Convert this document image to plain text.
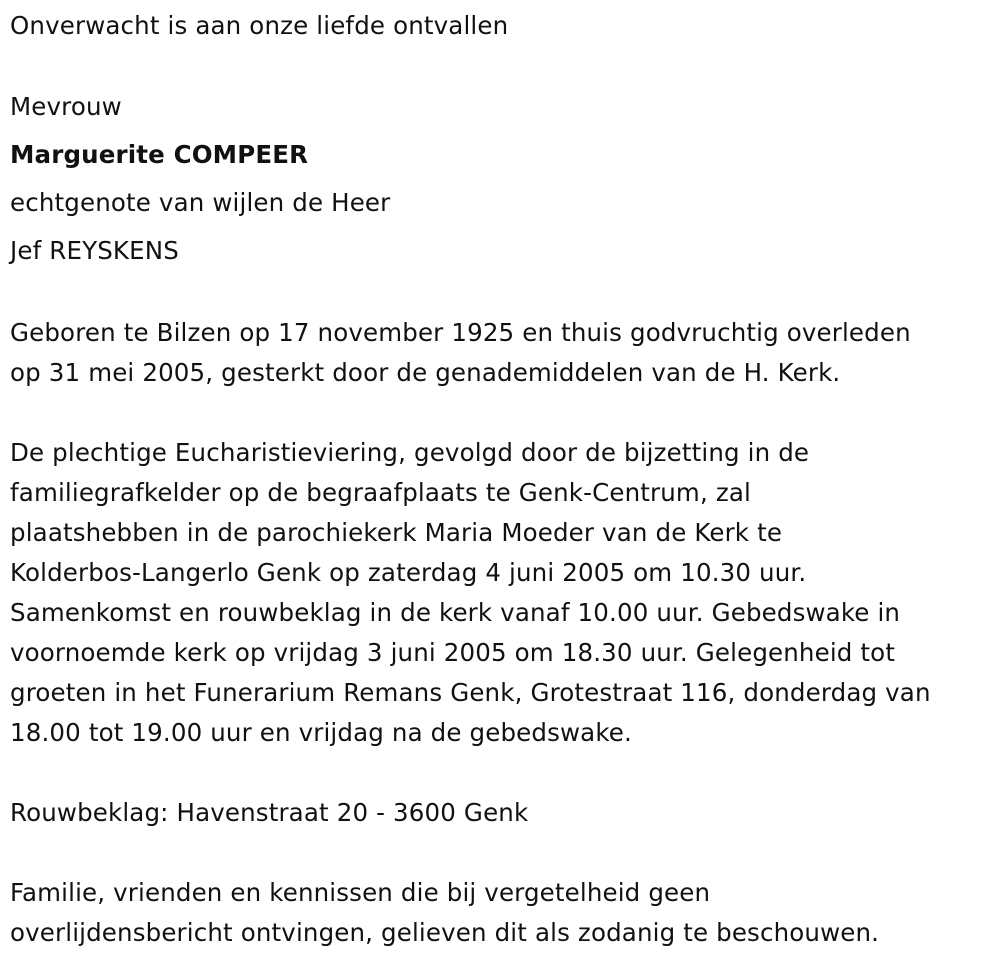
Onverwacht is aan onze liefde ontvallen
Mevrouw
Marguerite COMPEER
echtgenote van wijlen de Heer
Jef REYSKENS
Geboren te Bilzen op 17 november 1925 en thuis godvruchtig overleden
op 31 mei 2005, gesterkt door de genademiddelen van de H. Kerk.
De plechtige Eucharistieviering, gevolgd door de bijzetting in de
familiegrafkelder op de begraafplaats te Genk-Centrum, zal
plaatshebben in de parochiekerk Maria Moeder van de Kerk te
Kolderbos-Langerlo Genk op zaterdag 4 juni 2005 om 10.30 uur.
Samenkomst en rouwbeklag in de kerk vanaf 10.00 uur. Gebedswake in
voornoemde kerk op vrijdag 3 juni 2005 om 18.30 uur. Gelegenheid tot
groeten in het Funerarium Remans Genk, Grotestraat 116, donderdag van
18.00 tot 19.00 uur en vrijdag na de gebedswake.
Rouwbeklag: Havenstraat 20 - 3600 Genk
Familie, vrienden en kennissen die bij vergetelheid geen
overlijdensbericht ontvingen, gelieven dit als zodanig te beschouwen.
